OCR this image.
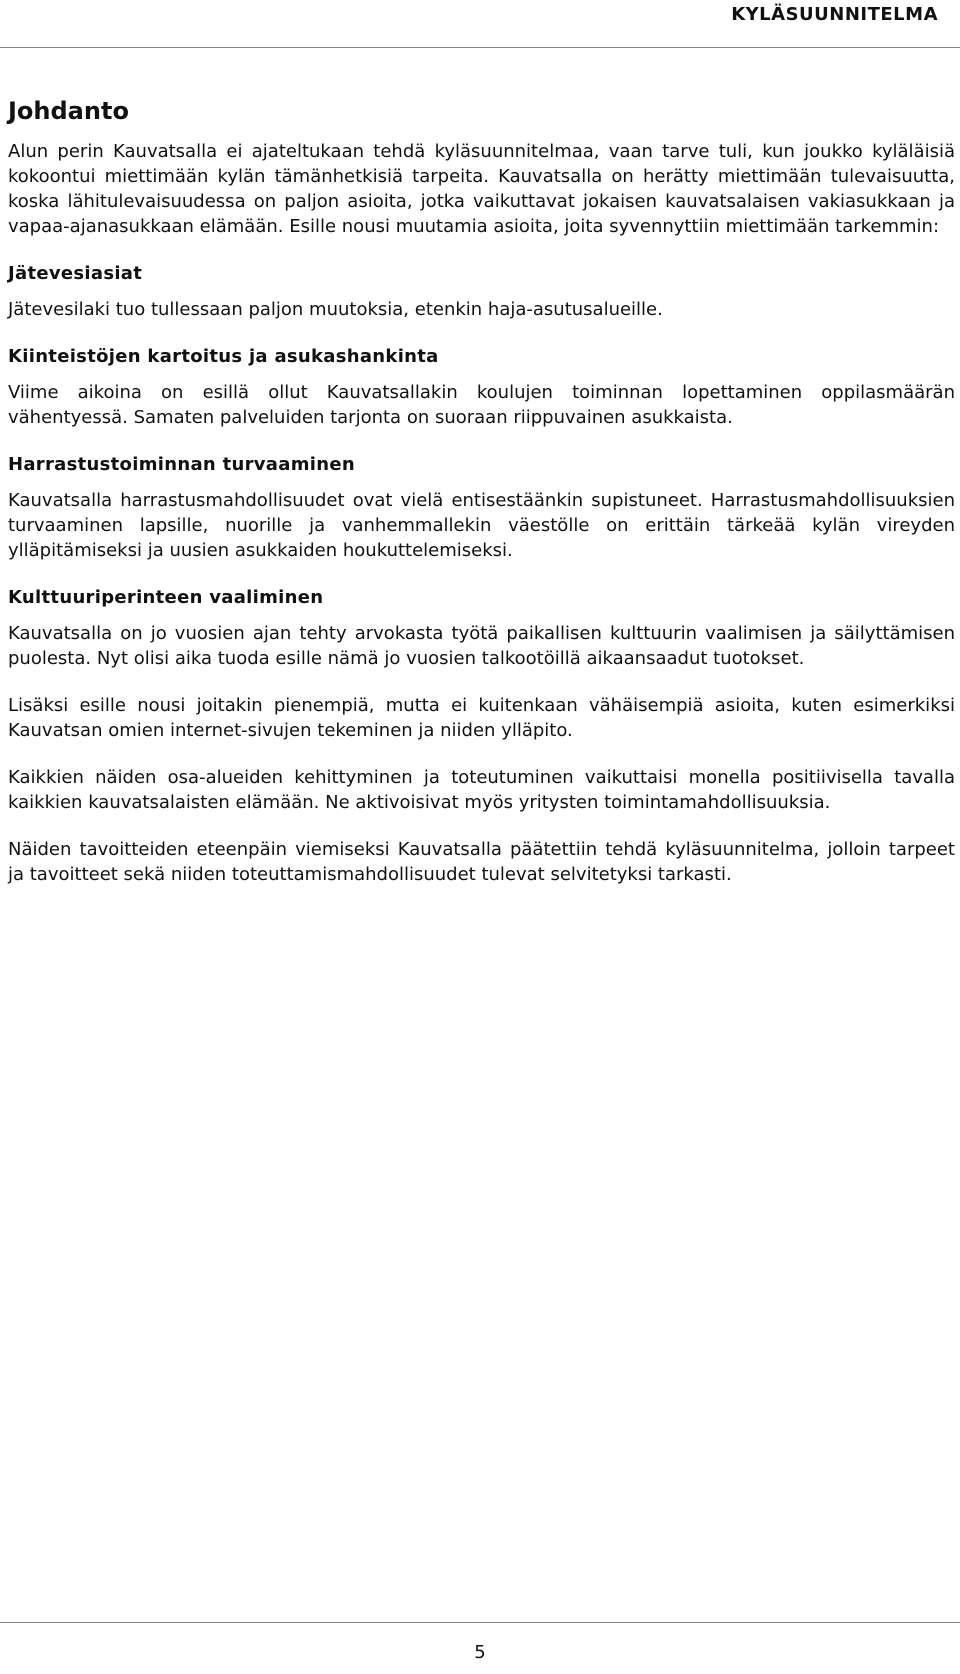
KYLÄSUUNNITELMA
Johdanto

Alun perin Kauvatsalla ei ajateltukaan tehdä kyläsuunnitelmaa, vaan tarve tuli, kun joukko kyläläisiä kokoontui miettimään kylän tämänhetkisiä tarpeita. Kauvatsalla on herätty miettimään tulevaisuutta, koska lähitulevaisuudessa on paljon asioita, jotka vaikuttavat jokaisen kauvatsalaisen vakiasukkaan ja vapaa-ajanasukkaan elämään. Esille nousi muutamia asioita, joita syvennyttiin miettimään tarkemmin:

Jätevesiasiat

Jätevesilaki tuo tullessaan paljon muutoksia, etenkin haja-asutusalueille.

Kiinteistöjen kartoitus ja asukashankinta

Viime aikoina on esillä ollut Kauvatsallakin koulujen toiminnan lopettaminen oppilasmäärän vähentyessä. Samaten palveluiden tarjonta on suoraan riippuvainen asukkaista.

Harrastustoiminnan turvaaminen

Kauvatsalla harrastusmahdollisuudet ovat vielä entisestäänkin supistuneet. Harrastusmahdollisuuksien turvaaminen lapsille, nuorille ja vanhemmallekin väestölle on erittäin tärkeää kylän vireyden ylläpitämiseksi ja uusien asukkaiden houkuttelemiseksi.

Kulttuuriperinteen vaaliminen

Kauvatsalla on jo vuosien ajan tehty arvokasta työtä paikallisen kulttuurin vaalimisen ja säilyttämisen puolesta. Nyt olisi aika tuoda esille nämä jo vuosien talkootöillä aikaansaadut tuotokset.

Lisäksi esille nousi joitakin pienempiä, mutta ei kuitenkaan vähäisempiä asioita, kuten esimerkiksi Kauvatsan omien internet-sivujen tekeminen ja niiden ylläpito.

Kaikkien näiden osa-alueiden kehittyminen ja toteutuminen vaikuttaisi monella positiivisella tavalla kaikkien kauvatsalaisten elämään. Ne aktivoisivat myös yritysten toimintamahdollisuuksia.

Näiden tavoitteiden eteenpäin viemiseksi Kauvatsalla päätettiin tehdä kyläsuunnitelma, jolloin tarpeet ja tavoitteet sekä niiden toteuttamismahdollisuudet tulevat selvitetyksi tarkasti.

5
